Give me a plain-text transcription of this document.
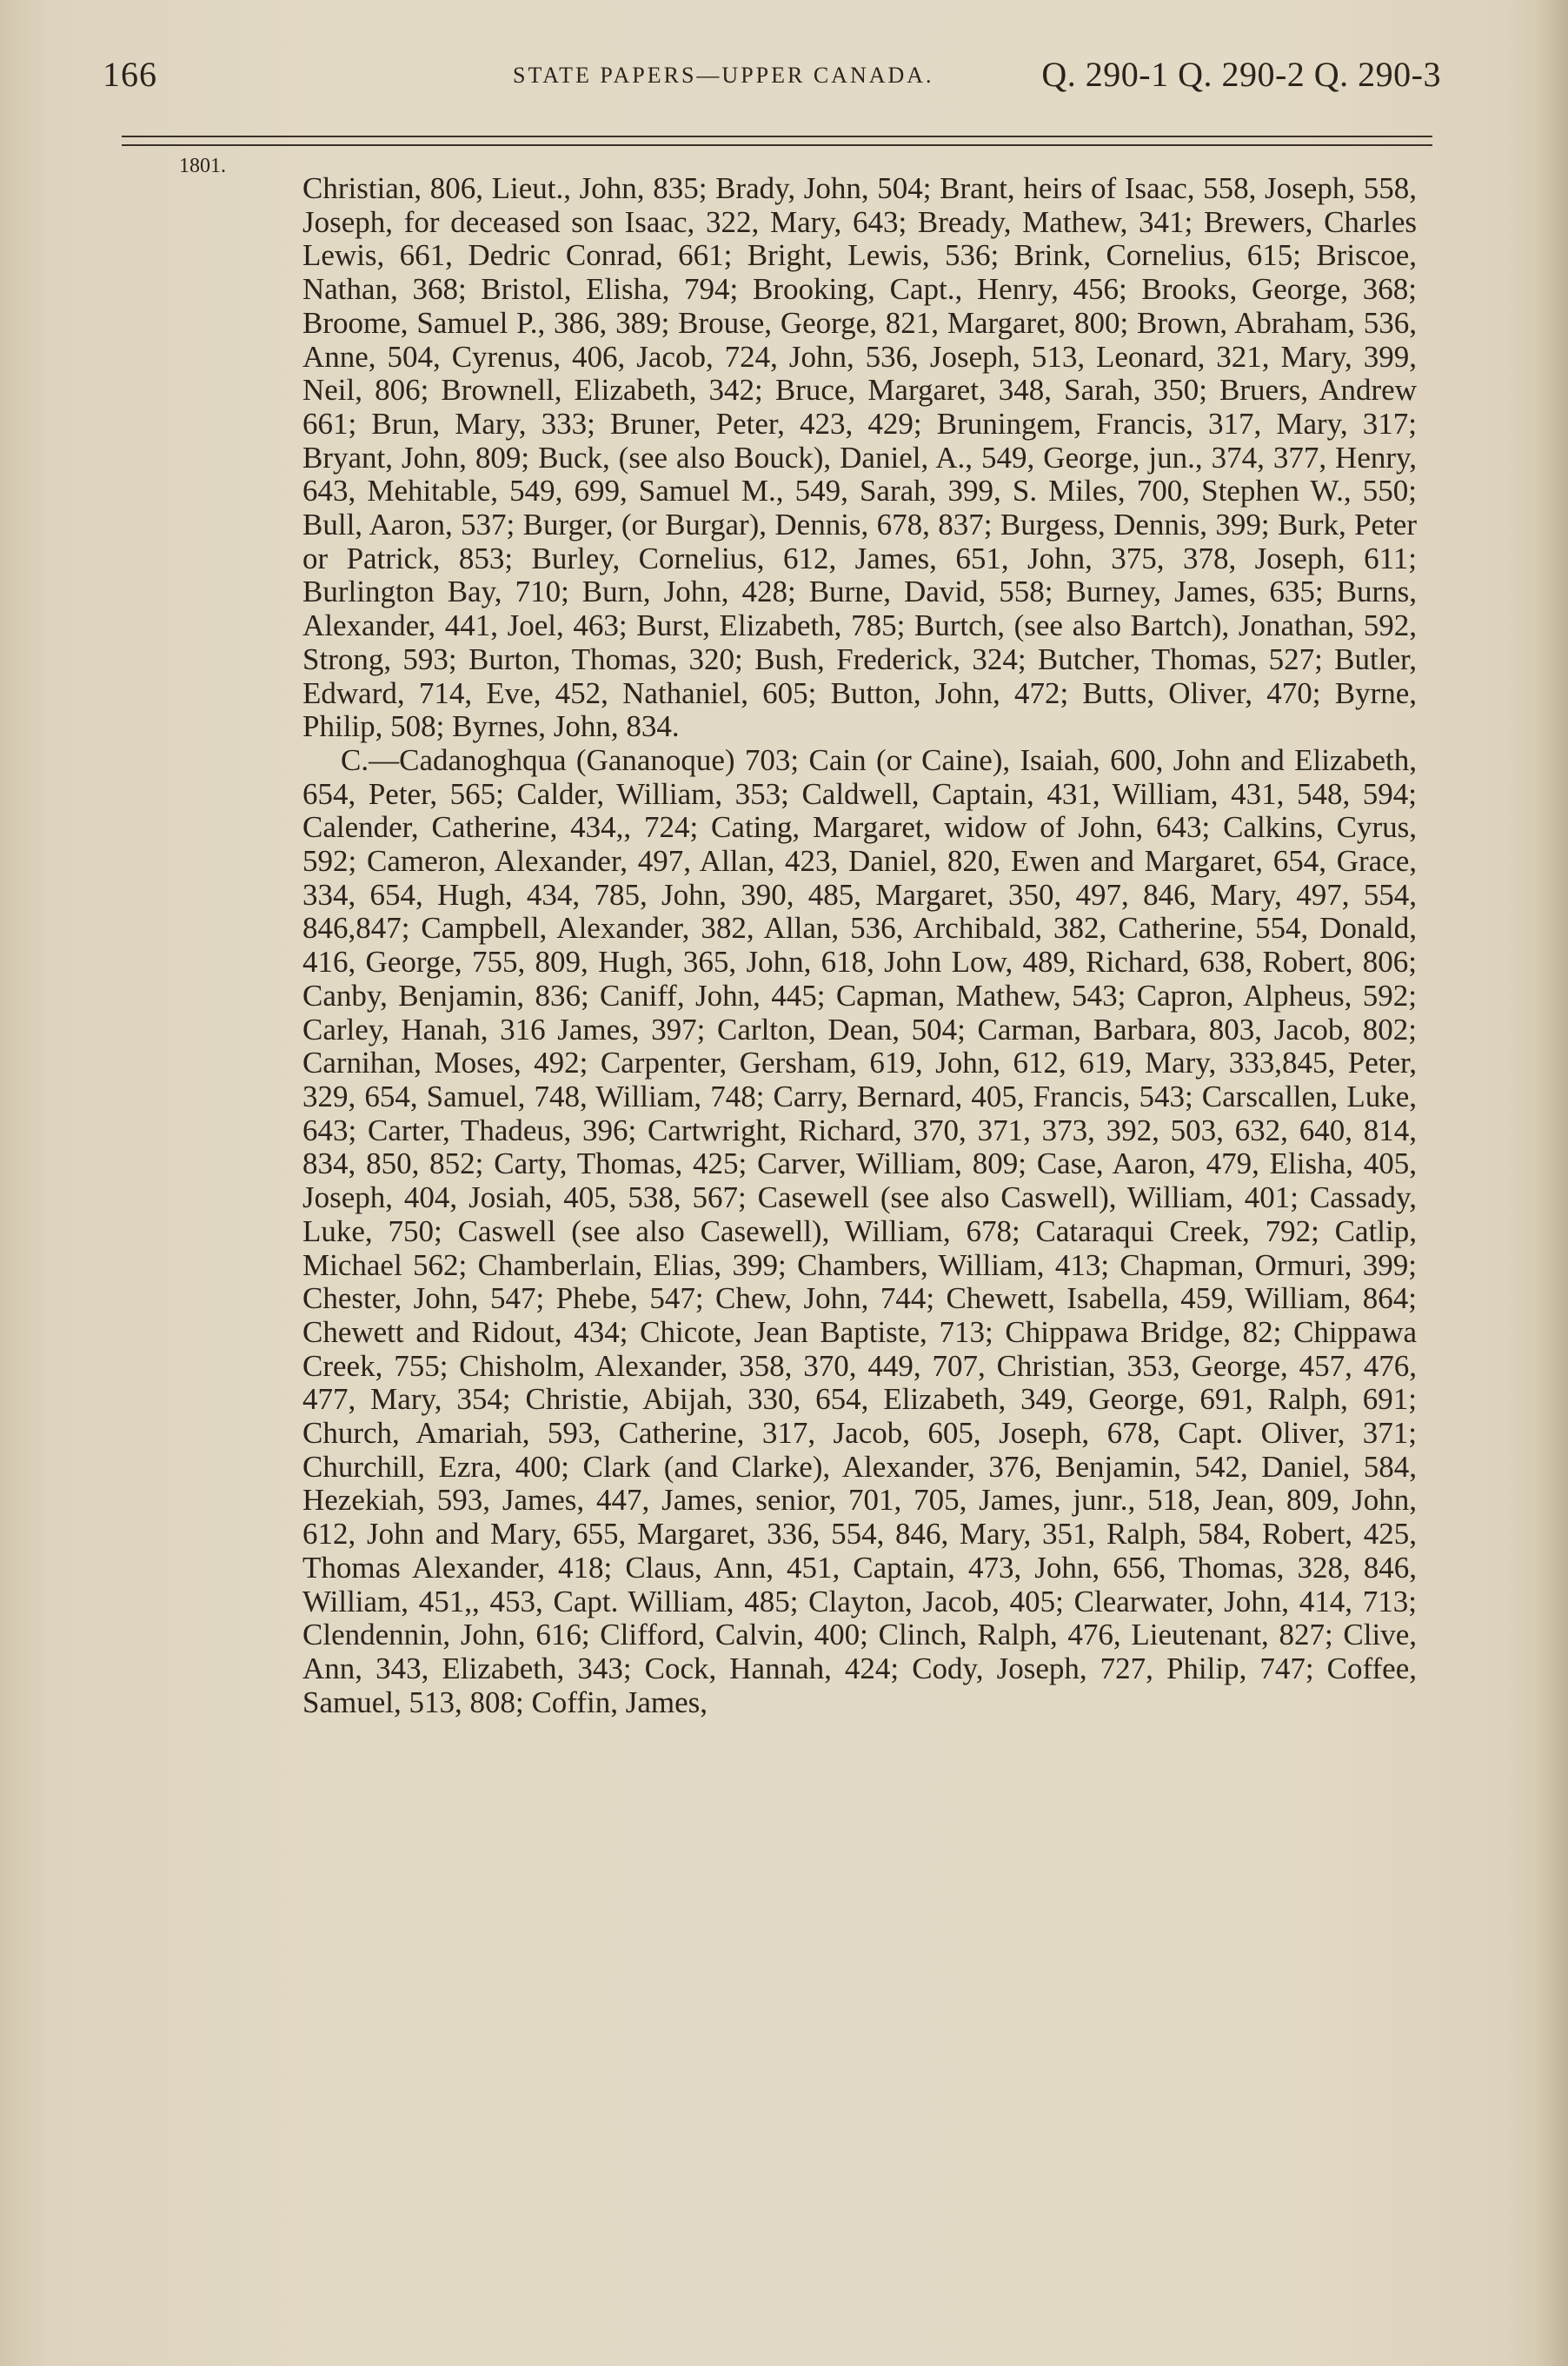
166	STATE PAPERS—UPPER CANADA.	Q. 290-1 Q. 290-2 Q. 290-3
1801.

Christian, 806, Lieut., John, 835; Brady, John, 504; Brant, heirs of Isaac, 558, Joseph, 558, Joseph, for deceased son Isaac, 322, Mary, 643; Bready, Mathew, 341; Brewers, Charles Lewis, 661, Dedric Conrad, 661; Bright, Lewis, 536; Brink, Cornelius, 615; Briscoe, Nathan, 368; Bristol, Elisha, 794; Brooking, Capt., Henry, 456; Brooks, George, 368; Broome, Samuel P., 386, 389; Brouse, George, 821, Margaret, 800; Brown, Abraham, 536, Anne, 504, Cyrenus, 406, Jacob, 724, John, 536, Joseph, 513, Leonard, 321, Mary, 399, Neil, 806; Brownell, Elizabeth, 342; Bruce, Margaret, 348, Sarah, 350; Bruers, Andrew 661; Brun, Mary, 333; Bruner, Peter, 423, 429; Bruningem, Francis, 317, Mary, 317; Bryant, John, 809; Buck, (see also Bouck), Daniel, A., 549, George, jun., 374, 377, Henry, 643, Mehitable, 549, 699, Samuel M., 549, Sarah, 399, S. Miles, 700, Stephen W., 550; Bull, Aaron, 537; Burger, (or Burgar), Dennis, 678, 837; Burgess, Dennis, 399; Burk, Peter or Patrick, 853; Burley, Cornelius, 612, James, 651, John, 375, 378, Joseph, 611; Burlington Bay, 710; Burn, John, 428; Burne, David, 558; Burney, James, 635; Burns, Alexander, 441, Joel, 463; Burst, Elizabeth, 785; Burtch, (see also Bartch), Jonathan, 592, Strong, 593; Burton, Thomas, 320; Bush, Frederick, 324; Butcher, Thomas, 527; Butler, Edward, 714, Eve, 452, Nathaniel, 605; Button, John, 472; Butts, Oliver, 470; Byrne, Philip, 508; Byrnes, John, 834.

C.—Cadanoghqua (Gananoque) 703; Cain (or Caine), Isaiah, 600, John and Elizabeth, 654, Peter, 565; Calder, William, 353; Caldwell, Captain, 431, William, 431, 548, 594; Calender, Catherine, 434,, 724; Cating, Margaret, widow of John, 643; Calkins, Cyrus, 592; Cameron, Alexander, 497, Allan, 423, Daniel, 820, Ewen and Margaret, 654, Grace, 334, 654, Hugh, 434, 785, John, 390, 485, Margaret, 350, 497, 846, Mary, 497, 554, 846,847; Campbell, Alexander, 382, Allan, 536, Archibald, 382, Catherine, 554, Donald, 416, George, 755, 809, Hugh, 365, John, 618, John Low, 489, Richard, 638, Robert, 806; Canby, Benjamin, 836; Caniff, John, 445; Capman, Mathew, 543; Capron, Alpheus, 592; Carley, Hanah, 316 James, 397; Carlton, Dean, 504; Carman, Barbara, 803, Jacob, 802; Carnihan, Moses, 492; Carpenter, Gersham, 619, John, 612, 619, Mary, 333,845, Peter, 329, 654, Samuel, 748, William, 748; Carry, Bernard, 405, Francis, 543; Carscallen, Luke, 643; Carter, Thadeus, 396; Cartwright, Richard, 370, 371, 373, 392, 503, 632, 640, 814, 834, 850, 852; Carty, Thomas, 425; Carver, William, 809; Case, Aaron, 479, Elisha, 405, Joseph, 404, Josiah, 405, 538, 567; Casewell (see also Caswell), William, 401; Cassady, Luke, 750; Caswell (see also Casewell), William, 678; Cataraqui Creek, 792; Catlip, Michael 562; Chamberlain, Elias, 399; Chambers, William, 413; Chapman, Ormuri, 399; Chester, John, 547; Phebe, 547; Chew, John, 744; Chewett, Isabella, 459, William, 864; Chewett and Ridout, 434; Chicote, Jean Baptiste, 713; Chippawa Bridge, 82; Chippawa Creek, 755; Chisholm, Alexander, 358, 370, 449, 707, Christian, 353, George, 457, 476, 477, Mary, 354; Christie, Abijah, 330, 654, Elizabeth, 349, George, 691, Ralph, 691; Church, Amariah, 593, Catherine, 317, Jacob, 605, Joseph, 678, Capt. Oliver, 371; Churchill, Ezra, 400; Clark (and Clarke), Alexander, 376, Benjamin, 542, Daniel, 584, Hezekiah, 593, James, 447, James, senior, 701, 705, James, junr., 518, Jean, 809, John, 612, John and Mary, 655, Margaret, 336, 554, 846, Mary, 351, Ralph, 584, Robert, 425, Thomas Alexander, 418; Claus, Ann, 451, Captain, 473, John, 656, Thomas, 328, 846, William, 451,, 453, Capt. William, 485; Clayton, Jacob, 405; Clearwater, John, 414, 713; Clendennin, John, 616; Clifford, Calvin, 400; Clinch, Ralph, 476, Lieutenant, 827; Clive, Ann, 343, Elizabeth, 343; Cock, Hannah, 424; Cody, Joseph, 727, Philip, 747; Coffee, Samuel, 513, 808; Coffin, James,
